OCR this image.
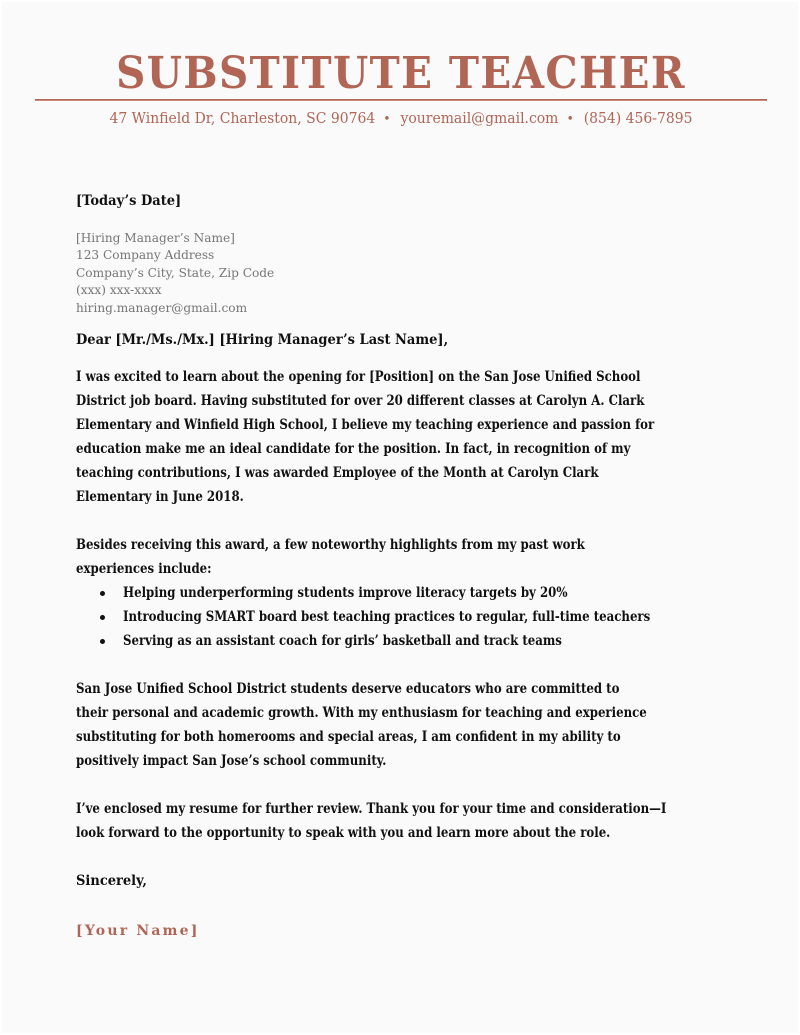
SUBSTITUTE TEACHER
47 Winfield Dr, Charleston, SC 90764 • youremail@gmail.com • (854) 456-7895
[Today’s Date]
[Hiring Manager’s Name]
123 Company Address
Company’s City, State, Zip Code
(xxx) xxx-xxxx
hiring.manager@gmail.com
Dear [Mr./Ms./Mx.] [Hiring Manager’s Last Name],
I was excited to learn about the opening for [Position] on the San Jose Unified School
District job board. Having substituted for over 20 different classes at Carolyn A. Clark
Elementary and Winfield High School, I believe my teaching experience and passion for
education make me an ideal candidate for the position. In fact, in recognition of my
teaching contributions, I was awarded Employee of the Month at Carolyn Clark
Elementary in June 2018.
Besides receiving this award, a few noteworthy highlights from my past work
experiences include:
Helping underperforming students improve literacy targets by 20%
Introducing SMART board best teaching practices to regular, full-time teachers
Serving as an assistant coach for girls’ basketball and track teams
San Jose Unified School District students deserve educators who are committed to
their personal and academic growth. With my enthusiasm for teaching and experience
substituting for both homerooms and special areas, I am confident in my ability to
positively impact San Jose’s school community.
I’ve enclosed my resume for further review. Thank you for your time and consideration—I
look forward to the opportunity to speak with you and learn more about the role.
Sincerely,
[Your Name]
